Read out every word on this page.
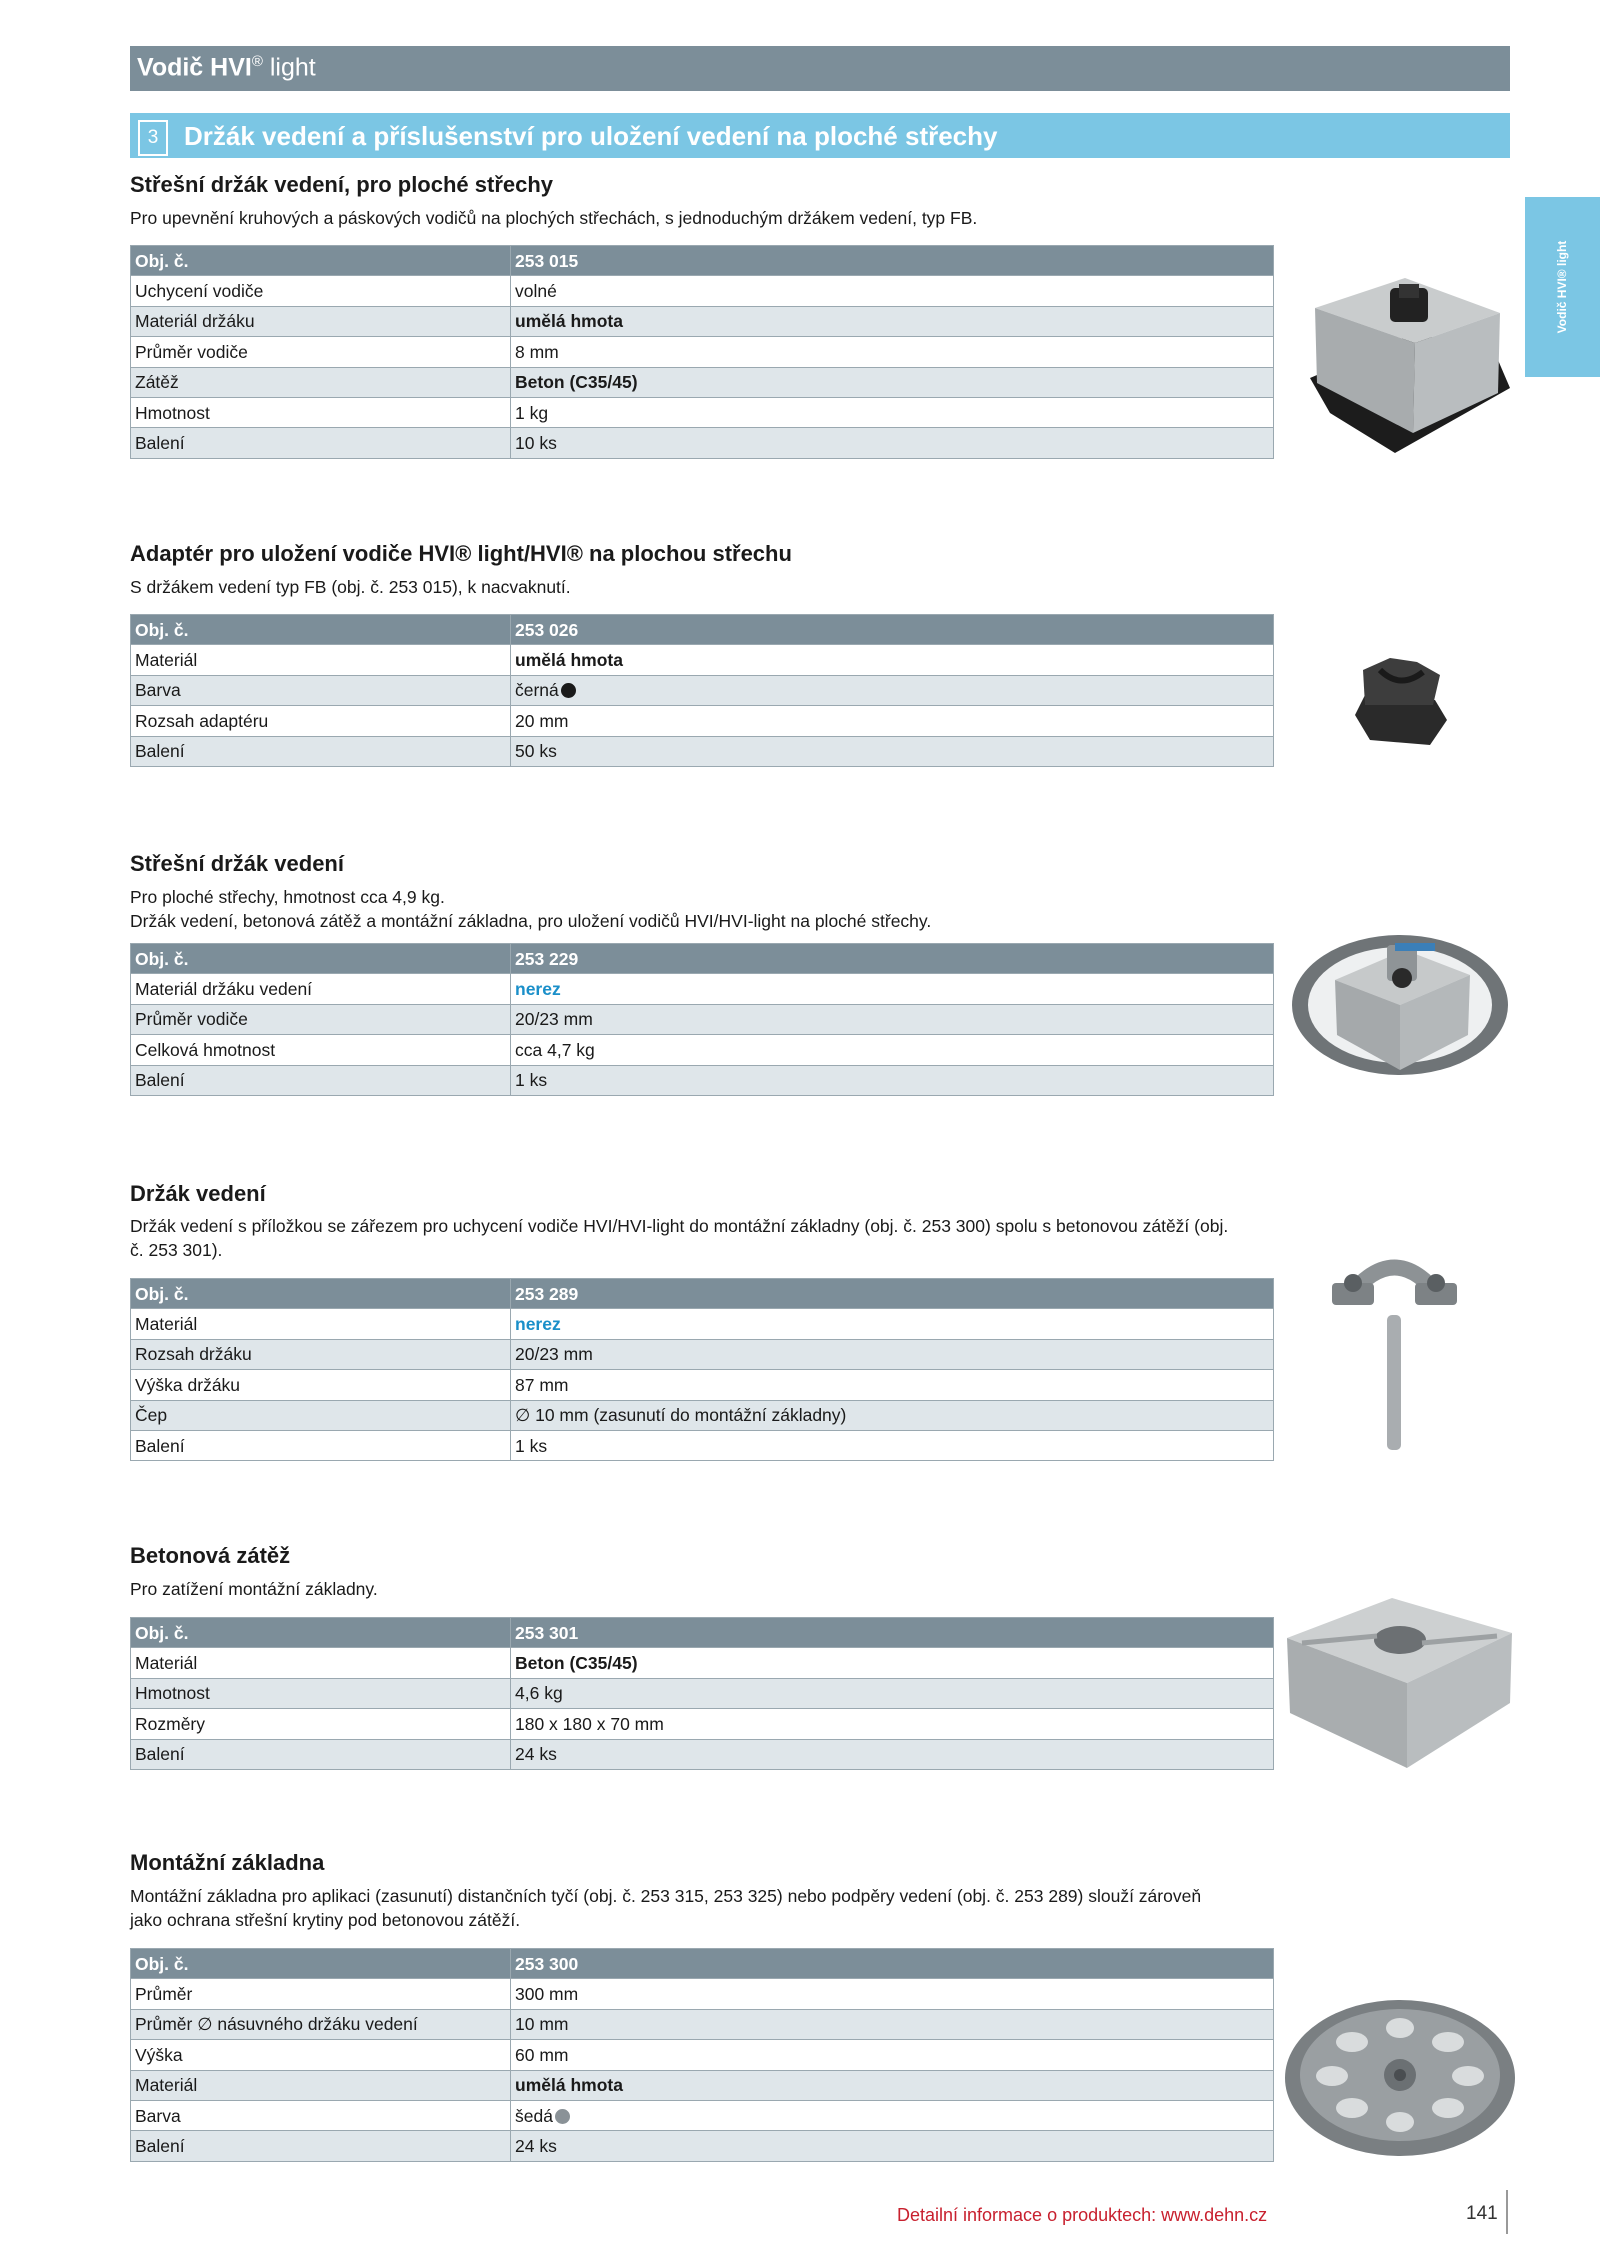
Vodič HVI® light
3 Držák vedení a příslušenství pro uložení vedení na ploché střechy
Vodič HVI® light
Střešní držák vedení, pro ploché střechy
Pro upevnění kruhových a páskových vodičů na plochých střechách, s jednoduchým držákem vedení, typ FB.
Obj. č.	253 015
Uchycení vodiče	volné
Materiál držáku	umělá hmota
Průměr vodiče	8 mm
Zátěž	Beton (C35/45)
Hmotnost	1 kg
Balení	10 ks
Adaptér pro uložení vodiče HVI® light/HVI® na plochou střechu
S držákem vedení typ FB (obj. č. 253 015), k nacvaknutí.
Obj. č.	253 026
Materiál	umělá hmota
Barva	černá
Rozsah adaptéru	20 mm
Balení	50 ks
Střešní držák vedení
Pro ploché střechy, hmotnost cca 4,9 kg.
Držák vedení, betonová zátěž a montážní základna, pro uložení vodičů HVI/HVI-light na ploché střechy.
Obj. č.	253 229
Materiál držáku vedení	nerez
Průměr vodiče	20/23 mm
Celková hmotnost	cca 4,7 kg
Balení	1 ks
Držák vedení
Držák vedení s příložkou se zářezem pro uchycení vodiče HVI/HVI-light do montážní základny (obj. č. 253 300) spolu s betonovou zátěží (obj.
č. 253 301).
Obj. č.	253 289
Materiál	nerez
Rozsah držáku	20/23 mm
Výška držáku	87 mm
Čep	∅ 10 mm (zasunutí do montážní základny)
Balení	1 ks
Betonová zátěž
Pro zatížení montážní základny.
Obj. č.	253 301
Materiál	Beton (C35/45)
Hmotnost	4,6 kg
Rozměry	180 x 180 x 70 mm
Balení	24 ks
Montážní základna
Montážní základna pro aplikaci (zasunutí) distančních tyčí (obj. č. 253 315, 253 325) nebo podpěry vedení (obj. č. 253 289) slouží zároveň
jako ochrana střešní krytiny pod betonovou zátěží.
Obj. č.	253 300
Průměr	300 mm
Průměr ∅ násuvného držáku vedení	10 mm
Výška	60 mm
Materiál	umělá hmota
Barva	šedá
Balení	24 ks
Detailní informace o produktech: www.dehn.cz	141
